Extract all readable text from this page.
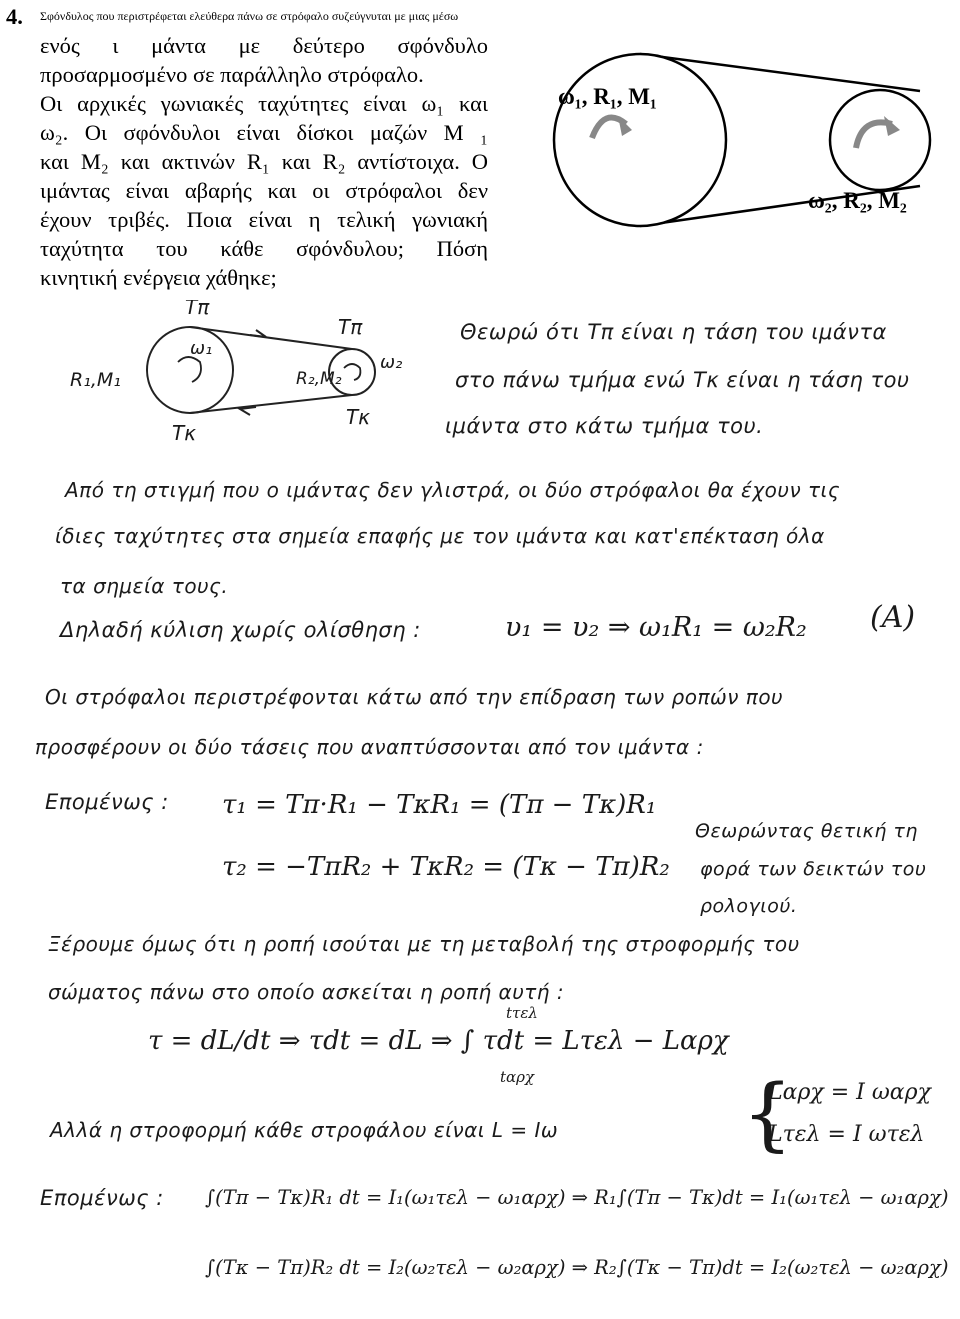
4.	Σφόνδυλος που περιστρέφεται ελεύθερα πάνω σε στρόφαλο συζεύγνυται με μιας μέσω
ενός ι μάντα με δεύτερο σφόνδυλο
προσαρμοσμένο σε παράλληλο στρόφαλο.
Οι αρχικές γωνιακές ταχύτητες είναι ω₁ και
ω₂. Οι σφόνδυλοι είναι δίσκοι μαζών M ₁
και M₂ και ακτινών R₁ και R₂ αντίστοιχα. Ο
ιμάντας είναι αβαρής και οι στρόφαλοι δεν
έχουν τριβές. Ποια είναι η τελική γωνιακή
ταχύτητα του κάθε σφόνδυλου; Πόση
κινητική ενέργεια χάθηκε;
ω₁, R₁, M₁
ω₂, R₂, M₂
Tπ
Tπ
Tκ
Tκ
ω₁
ω₂
R₁,M₁	R₂,M₂
Θεωρώ ότι Tπ είναι η τάση του ιμάντα
στο πάνω τμήμα ενώ Tκ είναι η τάση του
ιμάντα στο κάτω τμήμα του.
Από τη στιγμή που ο ιμάντας δεν γλιστρά, οι δύο στρόφαλοι θα έχουν τις
ίδιες ταχύτητες στα σημεία επαφής με τον ιμάντα και κατ'επέκταση όλα
τα σημεία τους.
Δηλαδή κύλιση χωρίς ολίσθηση :	υ₁ = υ₂ ⇒ ω₁R₁ = ω₂R₂ (A)
Οι στρόφαλοι περιστρέφονται κάτω από την επίδραση των ροπών που
προσφέρουν οι δύο τάσεις που αναπτύσσονται από τον ιμάντα :
Επομένως : τ₁ = Tπ·R₁ − TκR₁ = (Tπ − Tκ)R₁
τ₂ = −TπR₂ + TκR₂ = (Tκ − Tπ)R₂
Θεωρώντας θετική τη
φορά των δεικτών του
ρολογιού.
Ξέρουμε όμως ότι η ροπή ισούται με τη μεταβολή της στροφορμής του
σώματος πάνω στο οποίο ασκείται η ροπή αυτή :
τ = dL/dt ⇒ τdt = dL ⇒ ∫ τdt = Lτελ − Lαρχ
tτελ
tαρχ
Αλλά η στροφορμή κάθε στροφάλου είναι L = Iω {
Lαρχ = I ωαρχ
Lτελ = I ωτελ
Επομένως : ∫(Tπ − Tκ)R₁ dt = I₁(ω₁τελ − ω₁αρχ) ⇒ R₁∫(Tπ − Tκ)dt = I₁(ω₁τελ − ω₁αρχ)
∫(Tκ − Tπ)R₂ dt = I₂(ω₂τελ − ω₂αρχ) ⇒ R₂∫(Tκ − Tπ)dt = I₂(ω₂τελ − ω₂αρχ)
